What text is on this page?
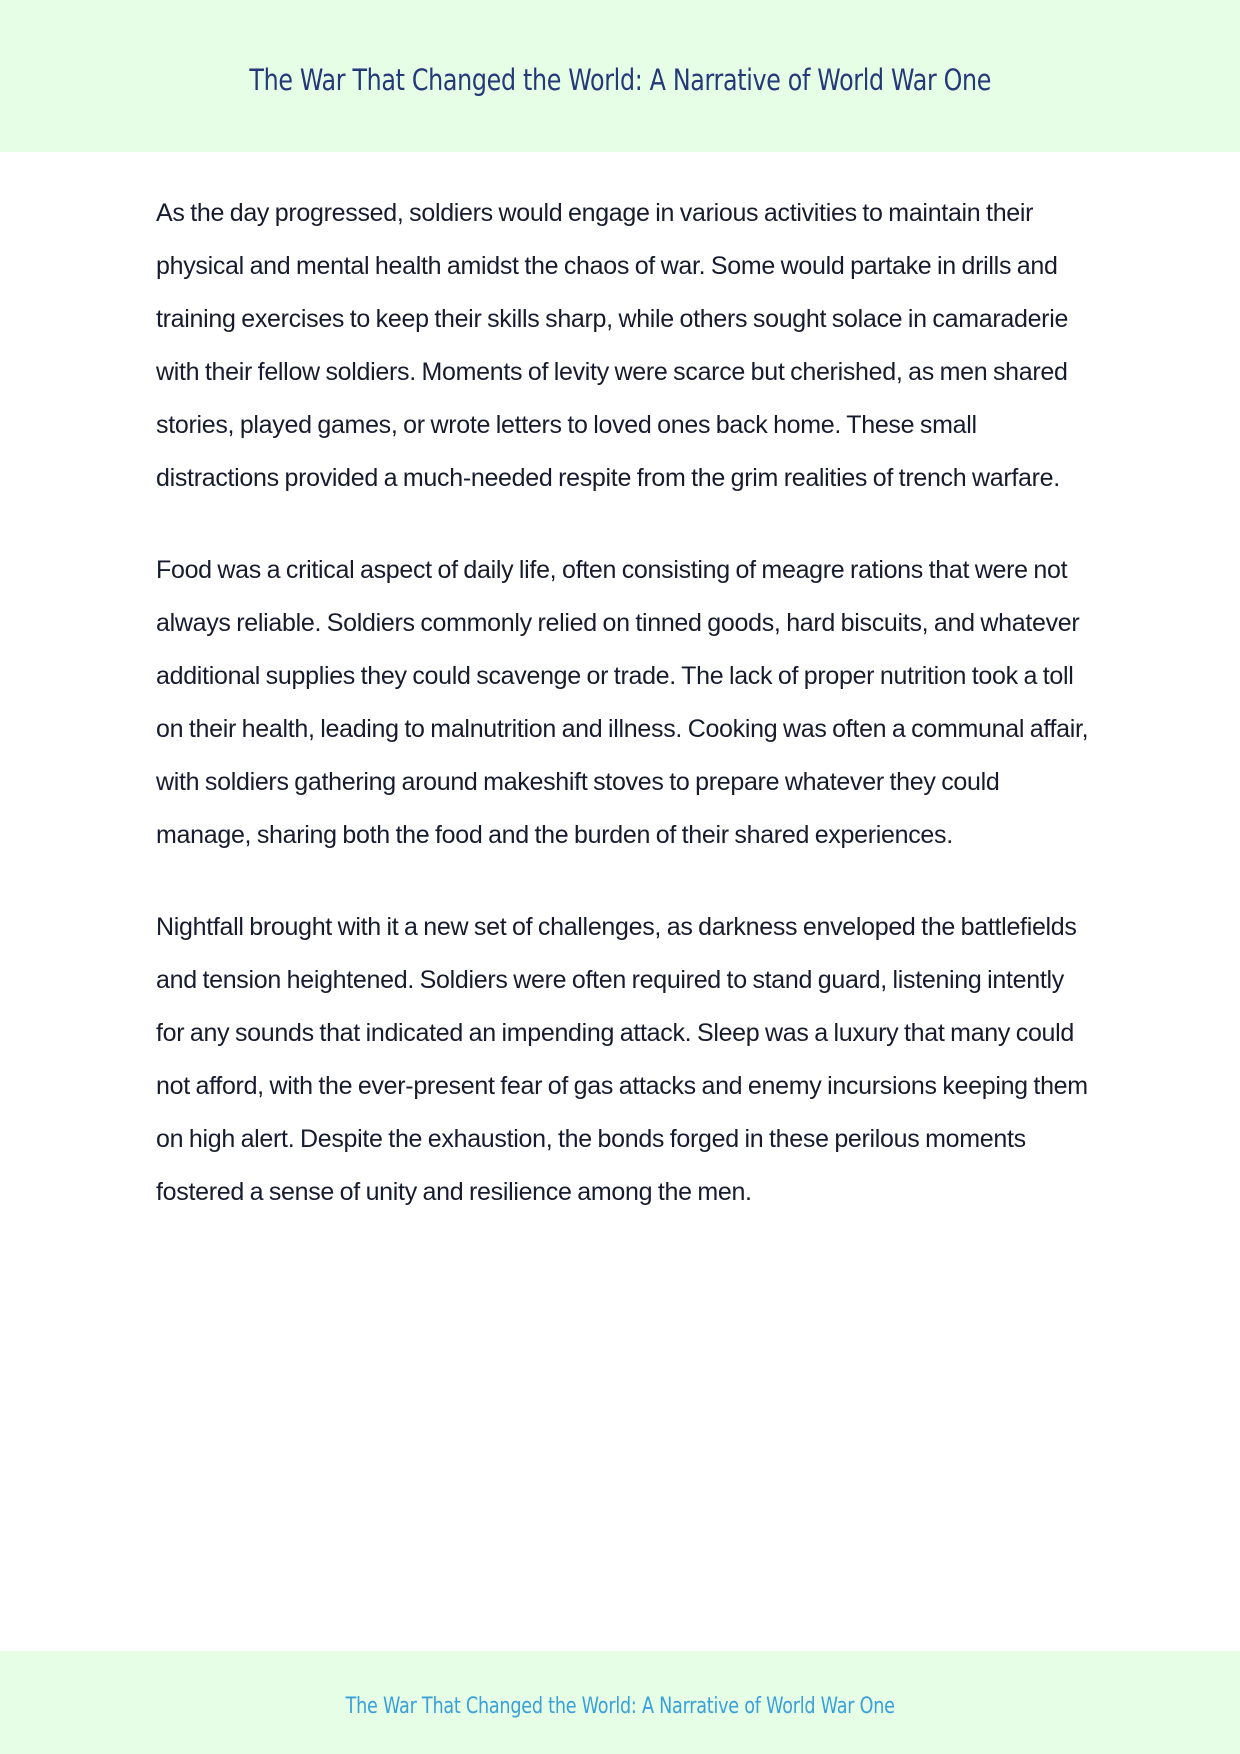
The War That Changed the World: A Narrative of World War One

As the day progressed, soldiers would engage in various activities to maintain their physical and mental health amidst the chaos of war. Some would partake in drills and training exercises to keep their skills sharp, while others sought solace in camaraderie with their fellow soldiers. Moments of levity were scarce but cherished, as men shared stories, played games, or wrote letters to loved ones back home. These small distractions provided a much-needed respite from the grim realities of trench warfare.

Food was a critical aspect of daily life, often consisting of meagre rations that were not always reliable. Soldiers commonly relied on tinned goods, hard biscuits, and whatever additional supplies they could scavenge or trade. The lack of proper nutrition took a toll on their health, leading to malnutrition and illness. Cooking was often a communal affair, with soldiers gathering around makeshift stoves to prepare whatever they could manage, sharing both the food and the burden of their shared experiences.

Nightfall brought with it a new set of challenges, as darkness enveloped the battlefields and tension heightened. Soldiers were often required to stand guard, listening intently for any sounds that indicated an impending attack. Sleep was a luxury that many could not afford, with the ever-present fear of gas attacks and enemy incursions keeping them on high alert. Despite the exhaustion, the bonds forged in these perilous moments fostered a sense of unity and resilience among the men.

The War That Changed the World: A Narrative of World War One
